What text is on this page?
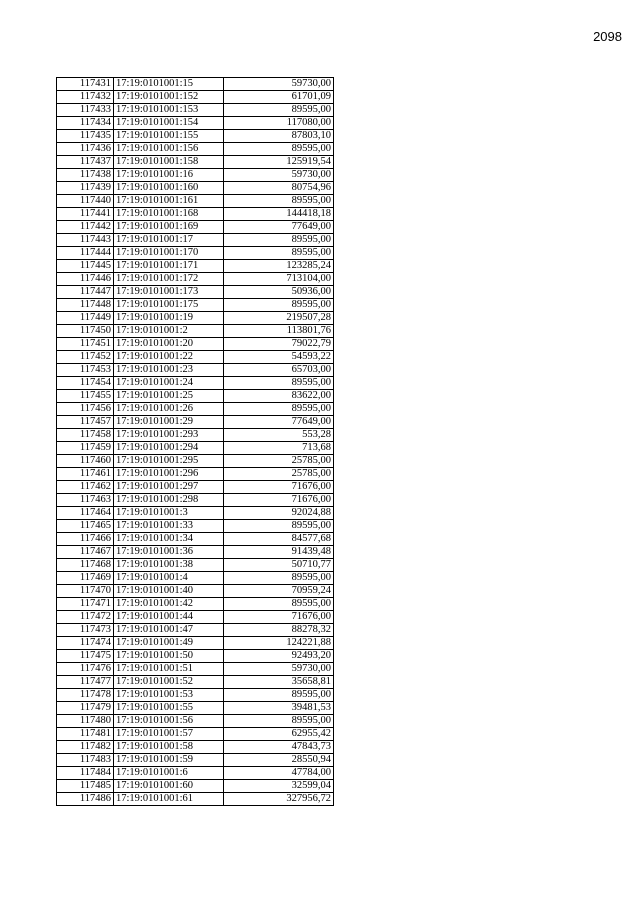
2098
117431	17:19:0101001:15	59730,00
117432	17:19:0101001:152	61701,09
117433	17:19:0101001:153	89595,00
117434	17:19:0101001:154	117080,00
117435	17:19:0101001:155	87803,10
117436	17:19:0101001:156	89595,00
117437	17:19:0101001:158	125919,54
117438	17:19:0101001:16	59730,00
117439	17:19:0101001:160	80754,96
117440	17:19:0101001:161	89595,00
117441	17:19:0101001:168	144418,18
117442	17:19:0101001:169	77649,00
117443	17:19:0101001:17	89595,00
117444	17:19:0101001:170	89595,00
117445	17:19:0101001:171	123285,24
117446	17:19:0101001:172	713104,00
117447	17:19:0101001:173	50936,00
117448	17:19:0101001:175	89595,00
117449	17:19:0101001:19	219507,28
117450	17:19:0101001:2	113801,76
117451	17:19:0101001:20	79022,79
117452	17:19:0101001:22	54593,22
117453	17:19:0101001:23	65703,00
117454	17:19:0101001:24	89595,00
117455	17:19:0101001:25	83622,00
117456	17:19:0101001:26	89595,00
117457	17:19:0101001:29	77649,00
117458	17:19:0101001:293	553,28
117459	17:19:0101001:294	713,68
117460	17:19:0101001:295	25785,00
117461	17:19:0101001:296	25785,00
117462	17:19:0101001:297	71676,00
117463	17:19:0101001:298	71676,00
117464	17:19:0101001:3	92024,88
117465	17:19:0101001:33	89595,00
117466	17:19:0101001:34	84577,68
117467	17:19:0101001:36	91439,48
117468	17:19:0101001:38	50710,77
117469	17:19:0101001:4	89595,00
117470	17:19:0101001:40	70959,24
117471	17:19:0101001:42	89595,00
117472	17:19:0101001:44	71676,00
117473	17:19:0101001:47	88278,32
117474	17:19:0101001:49	124221,88
117475	17:19:0101001:50	92493,20
117476	17:19:0101001:51	59730,00
117477	17:19:0101001:52	35658,81
117478	17:19:0101001:53	89595,00
117479	17:19:0101001:55	39481,53
117480	17:19:0101001:56	89595,00
117481	17:19:0101001:57	62955,42
117482	17:19:0101001:58	47843,73
117483	17:19:0101001:59	28550,94
117484	17:19:0101001:6	47784,00
117485	17:19:0101001:60	32599,04
117486	17:19:0101001:61	327956,72
